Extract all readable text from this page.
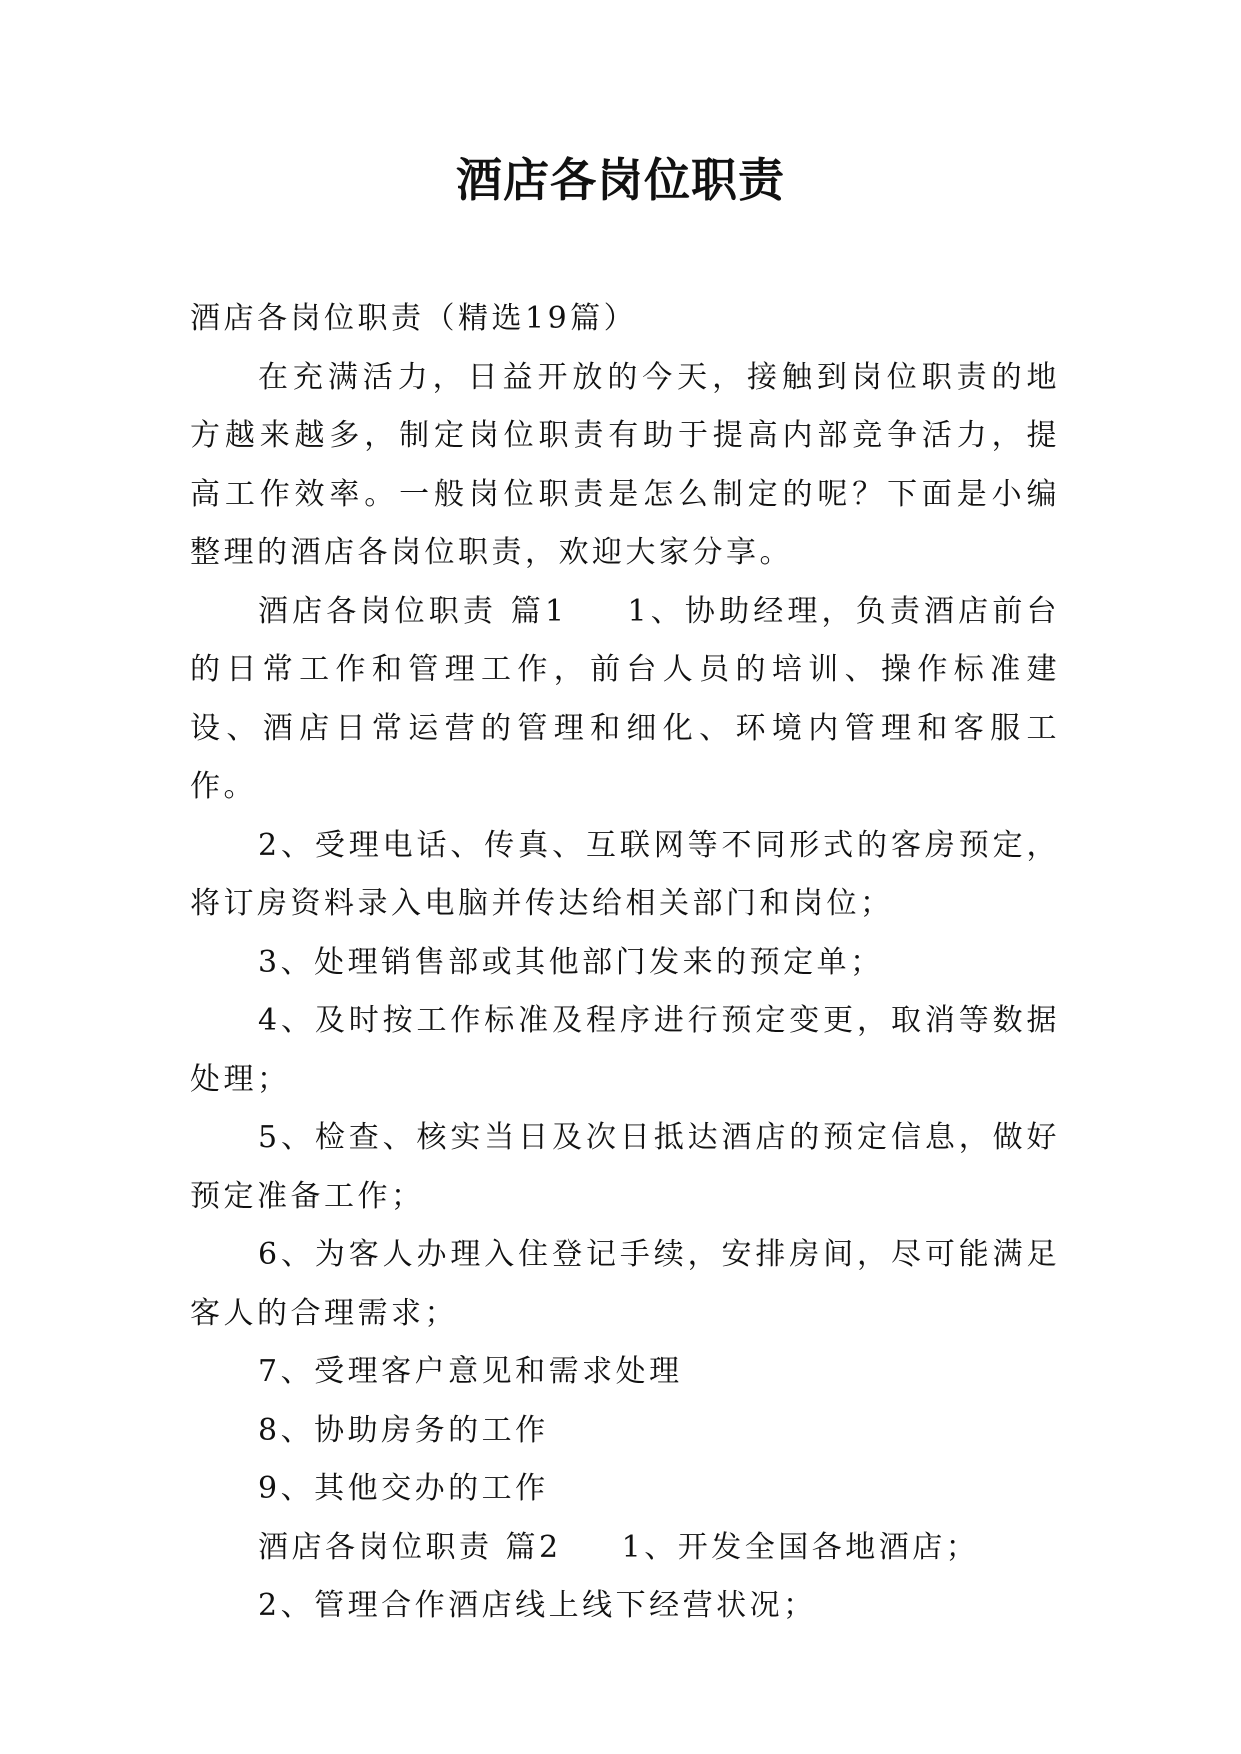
酒店各岗位职责

酒店各岗位职责（精选19篇）

在充满活力，日益开放的今天，接触到岗位职责的地方越来越多，制定岗位职责有助于提高内部竞争活力，提高工作效率。一般岗位职责是怎么制定的呢？下面是小编整理的酒店各岗位职责，欢迎大家分享。

酒店各岗位职责 篇1 1、协助经理，负责酒店前台的日常工作和管理工作，前台人员的培训、操作标准建设、酒店日常运营的管理和细化、环境内管理和客服工作。

2、受理电话、传真、互联网等不同形式的客房预定，将订房资料录入电脑并传达给相关部门和岗位；

3、处理销售部或其他部门发来的预定单；

4、及时按工作标准及程序进行预定变更，取消等数据处理；

5、检查、核实当日及次日抵达酒店的预定信息，做好预定准备工作；

6、为客人办理入住登记手续，安排房间，尽可能满足客人的合理需求；

7、受理客户意见和需求处理

8、协助房务的工作

9、其他交办的工作

酒店各岗位职责 篇2 1、开发全国各地酒店；

2、管理合作酒店线上线下经营状况；
